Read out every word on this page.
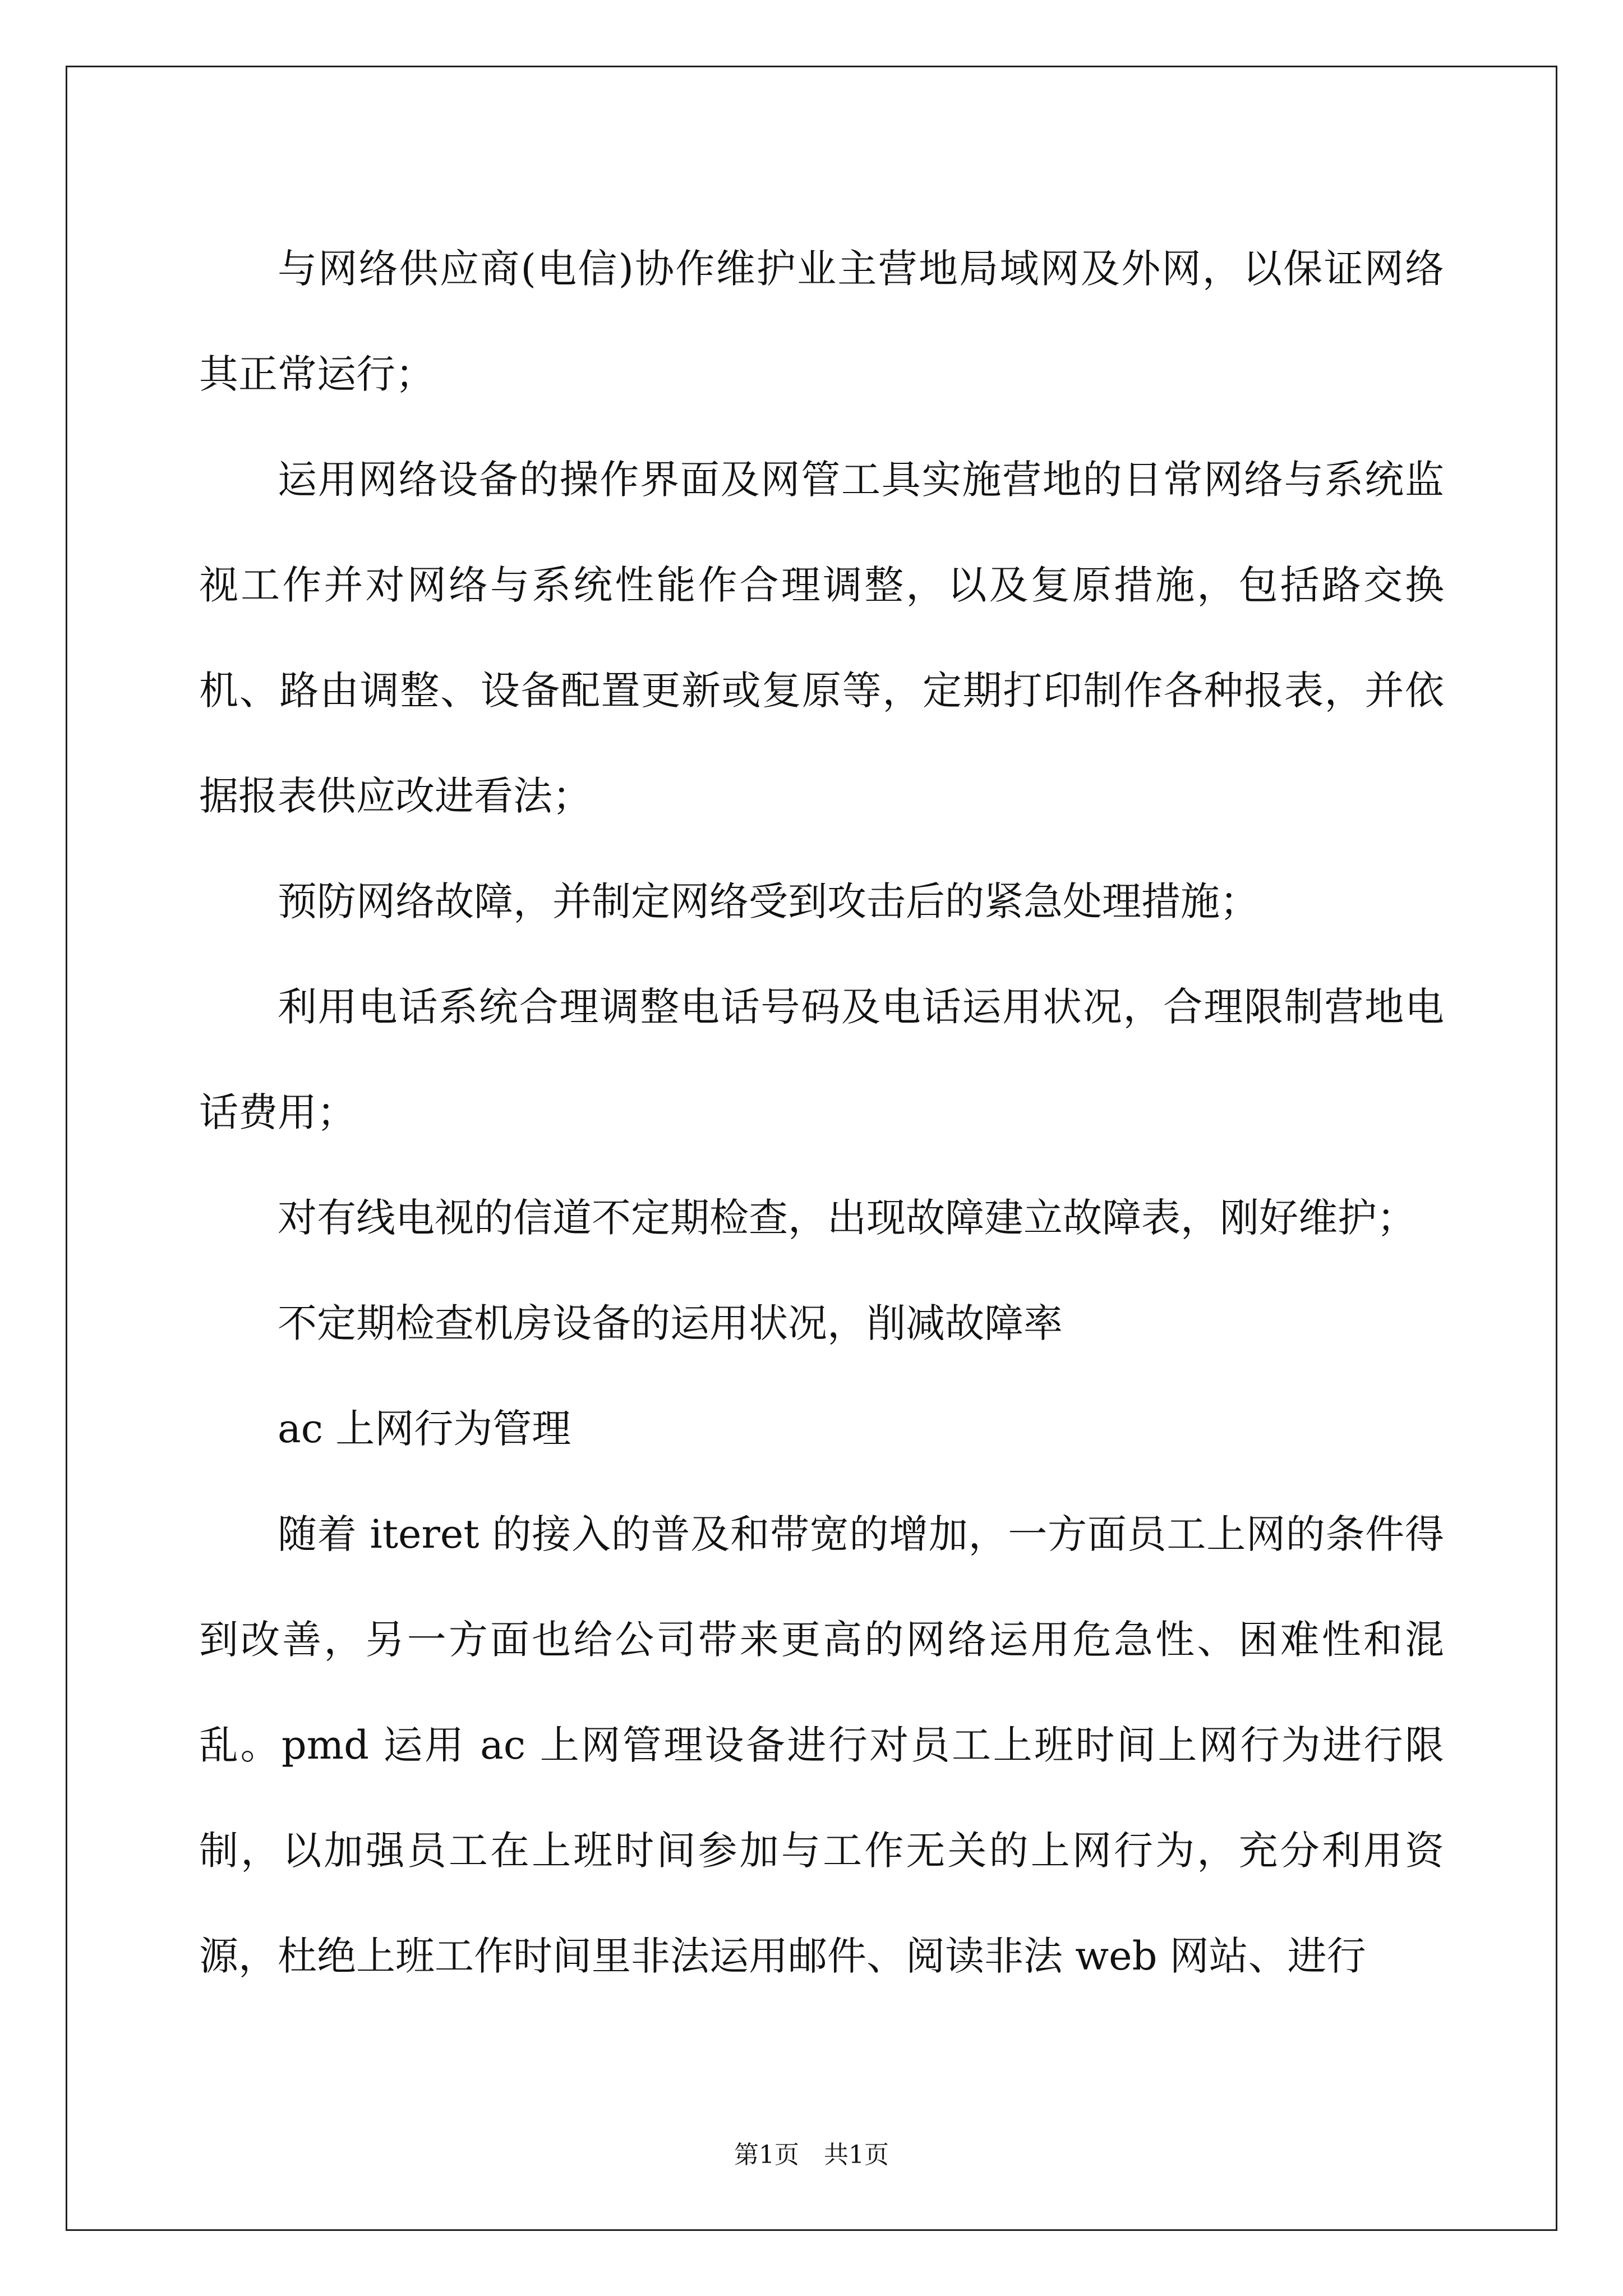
与网络供应商(电信)协作维护业主营地局域网及外网，以保证网络其正常运行；

运用网络设备的操作界面及网管工具实施营地的日常网络与系统监视工作并对网络与系统性能作合理调整，以及复原措施，包括路交换机、路由调整、设备配置更新或复原等，定期打印制作各种报表，并依据报表供应改进看法；

预防网络故障，并制定网络受到攻击后的紧急处理措施；

利用电话系统合理调整电话号码及电话运用状况，合理限制营地电话费用；

对有线电视的信道不定期检查，出现故障建立故障表，刚好维护；

不定期检查机房设备的运用状况，削减故障率

ac 上网行为管理

随着 iteret 的接入的普及和带宽的增加，一方面员工上网的条件得到改善，另一方面也给公司带来更高的网络运用危急性、困难性和混乱。pmd 运用 ac 上网管理设备进行对员工上班时间上网行为进行限制，以加强员工在上班时间参加与工作无关的上网行为，充分利用资源，杜绝上班工作时间里非法运用邮件、阅读非法 web 网站、进行

第1页　共1页
